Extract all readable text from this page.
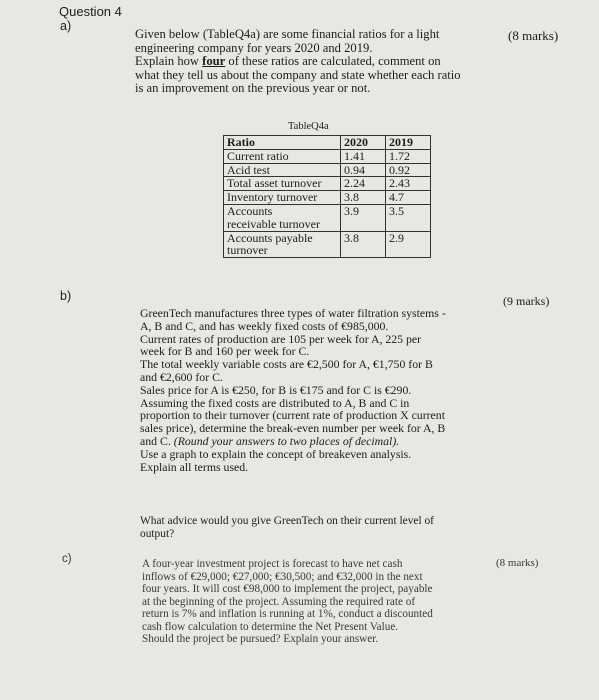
Question 4
a)
(8 marks)
Given below (TableQ4a) are some financial ratios for a light
engineering company for years 2020 and 2019.
Explain how four of these ratios are calculated, comment on
what they tell us about the company and state whether each ratio
is an improvement on the previous year or not.
TableQ4a
Ratio	2020	2019
Current ratio	1.41	1.72
Acid test	0.94	0.92
Total asset turnover	2.24	2.43
Inventory turnover	3.8	4.7
Accounts
receivable turnover	3.9	3.5
Accounts payable
turnover	3.8	2.9
b)	(9 marks)
GreenTech manufactures three types of water filtration systems -
A, B and C, and has weekly fixed costs of €985,000.
Current rates of production are 105 per week for A, 225 per
week for B and 160 per week for C.
The total weekly variable costs are €2,500 for A, €1,750 for B
and €2,600 for C.
Sales price for A is €250, for B is €175 and for C is €290.
Assuming the fixed costs are distributed to A, B and C in
proportion to their turnover (current rate of production X current
sales price), determine the break-even number per week for A, B
and C. (Round your answers to two places of decimal).
Use a graph to explain the concept of breakeven analysis.
Explain all terms used.
What advice would you give GreenTech on their current level of
output?
c)	(8 marks)
A four-year investment project is forecast to have net cash
inflows of €29,000; €27,000; €30,500; and €32,000 in the next
four years. It will cost €98,000 to implement the project, payable
at the beginning of the project. Assuming the required rate of
return is 7% and inflation is running at 1%, conduct a discounted
cash flow calculation to determine the Net Present Value.
Should the project be pursued? Explain your answer.
